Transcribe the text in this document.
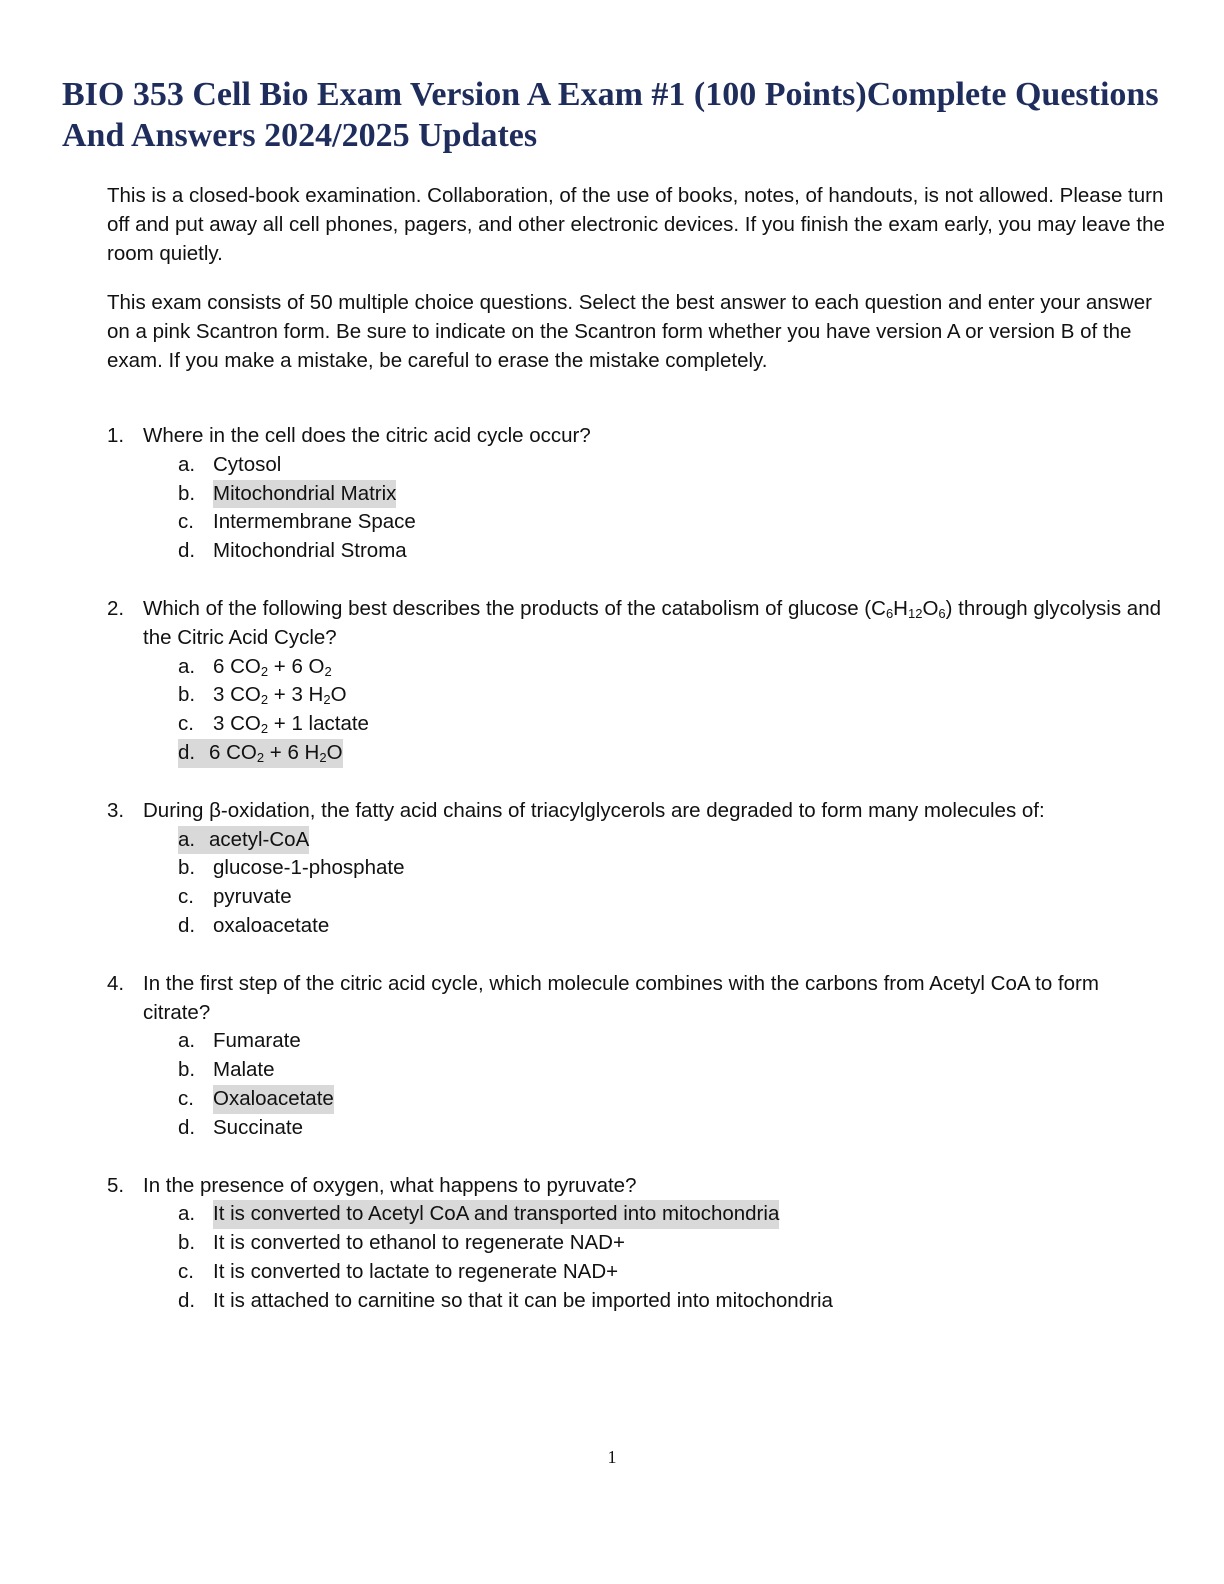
BIO 353 Cell Bio Exam Version A Exam #1 (100 Points)Complete Questions And Answers 2024/2025 Updates

This is a closed-book examination. Collaboration, of the use of books, notes, of handouts, is not allowed. Please turn off and put away all cell phones, pagers, and other electronic devices. If you finish the exam early, you may leave the room quietly.

This exam consists of 50 multiple choice questions. Select the best answer to each question and enter your answer on a pink Scantron form. Be sure to indicate on the Scantron form whether you have version A or version B of the exam. If you make a mistake, be careful to erase the mistake completely.

1. Where in the cell does the citric acid cycle occur?
a. Cytosol
b. Mitochondrial Matrix
c. Intermembrane Space
d. Mitochondrial Stroma
2. Which of the following best describes the products of the catabolism of glucose $(C_6H_{12}O_6)$ through glycolysis and the Citric Acid Cycle?
a. 6 $CO_2 + 6$ $O_2$
b. 3 $CO_2 + 3$ $H_2O$
c. 3 $CO_2 + 1$ lactate
d. 6 $CO_2 + 6$ $H_2O$
3. During β-oxidation, the fatty acid chains of triacylglycerols are degraded to form many molecules of:
a. acetyl-CoA
b. glucose-1-phosphate
c. pyruvate
d. oxaloacetate
4. In the first step of the citric acid cycle, which molecule combines with the carbons from Acetyl CoA to form citrate?
a. Fumarate
b. Malate
c. Oxaloacetate
d. Succinate
5. In the presence of oxygen, what happens to pyruvate?
a. It is converted to Acetyl CoA and transported into mitochondria
b. It is converted to ethanol to regenerate NAD+
c. It is converted to lactate to regenerate NAD+
d. It is attached to carnitine so that it can be imported into mitochondria
1
